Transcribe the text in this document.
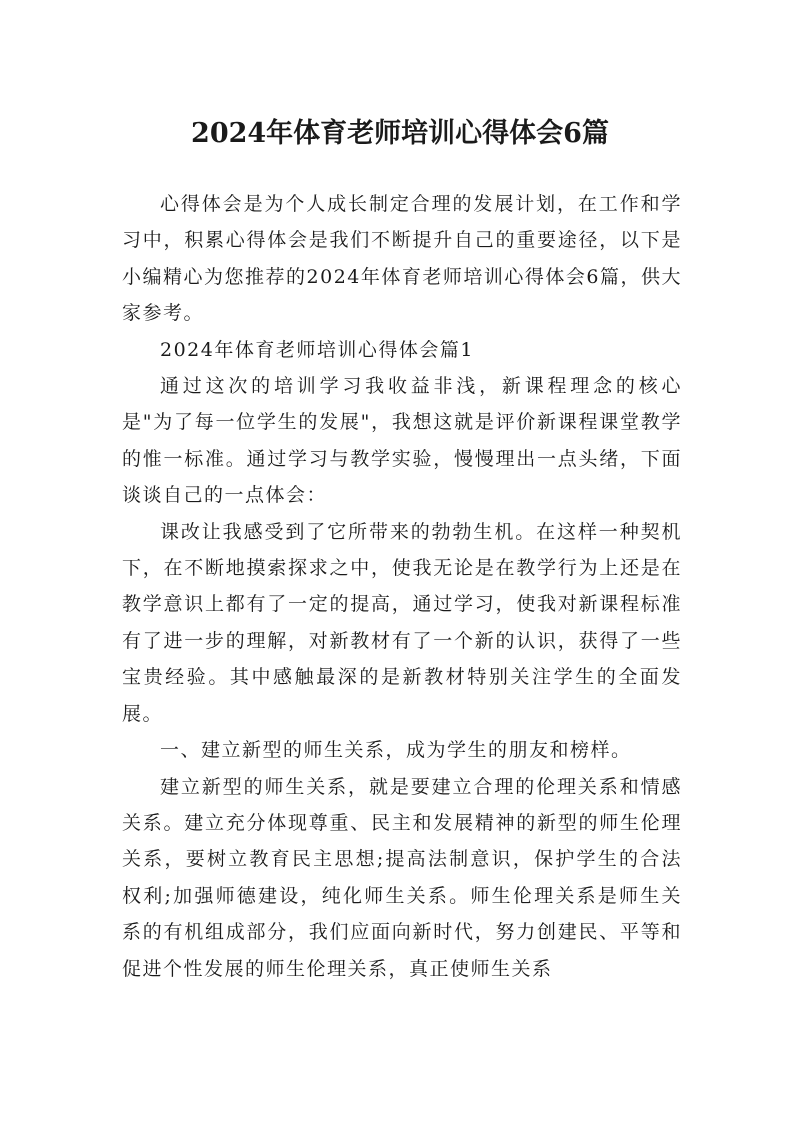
2024年体育老师培训心得体会6篇

心得体会是为个人成长制定合理的发展计划，在工作和学习中，积累心得体会是我们不断提升自己的重要途径，以下是小编精心为您推荐的2024年体育老师培训心得体会6篇，供大家参考。

2024年体育老师培训心得体会篇1

通过这次的培训学习我收益非浅，新课程理念的核心是"为了每一位学生的发展"，我想这就是评价新课程课堂教学的惟一标准。通过学习与教学实验，慢慢理出一点头绪，下面谈谈自己的一点体会：

课改让我感受到了它所带来的勃勃生机。在这样一种契机下，在不断地摸索探求之中，使我无论是在教学行为上还是在教学意识上都有了一定的提高，通过学习，使我对新课程标准有了进一步的理解，对新教材有了一个新的认识，获得了一些宝贵经验。其中感触最深的是新教材特别关注学生的全面发展。

一、建立新型的师生关系，成为学生的朋友和榜样。

建立新型的师生关系，就是要建立合理的伦理关系和情感关系。建立充分体现尊重、民主和发展精神的新型的师生伦理关系，要树立教育民主思想;提高法制意识，保护学生的合法权利;加强师德建设，纯化师生关系。师生伦理关系是师生关系的有机组成部分，我们应面向新时代，努力创建民、平等和促进个性发展的师生伦理关系，真正使师生关系
